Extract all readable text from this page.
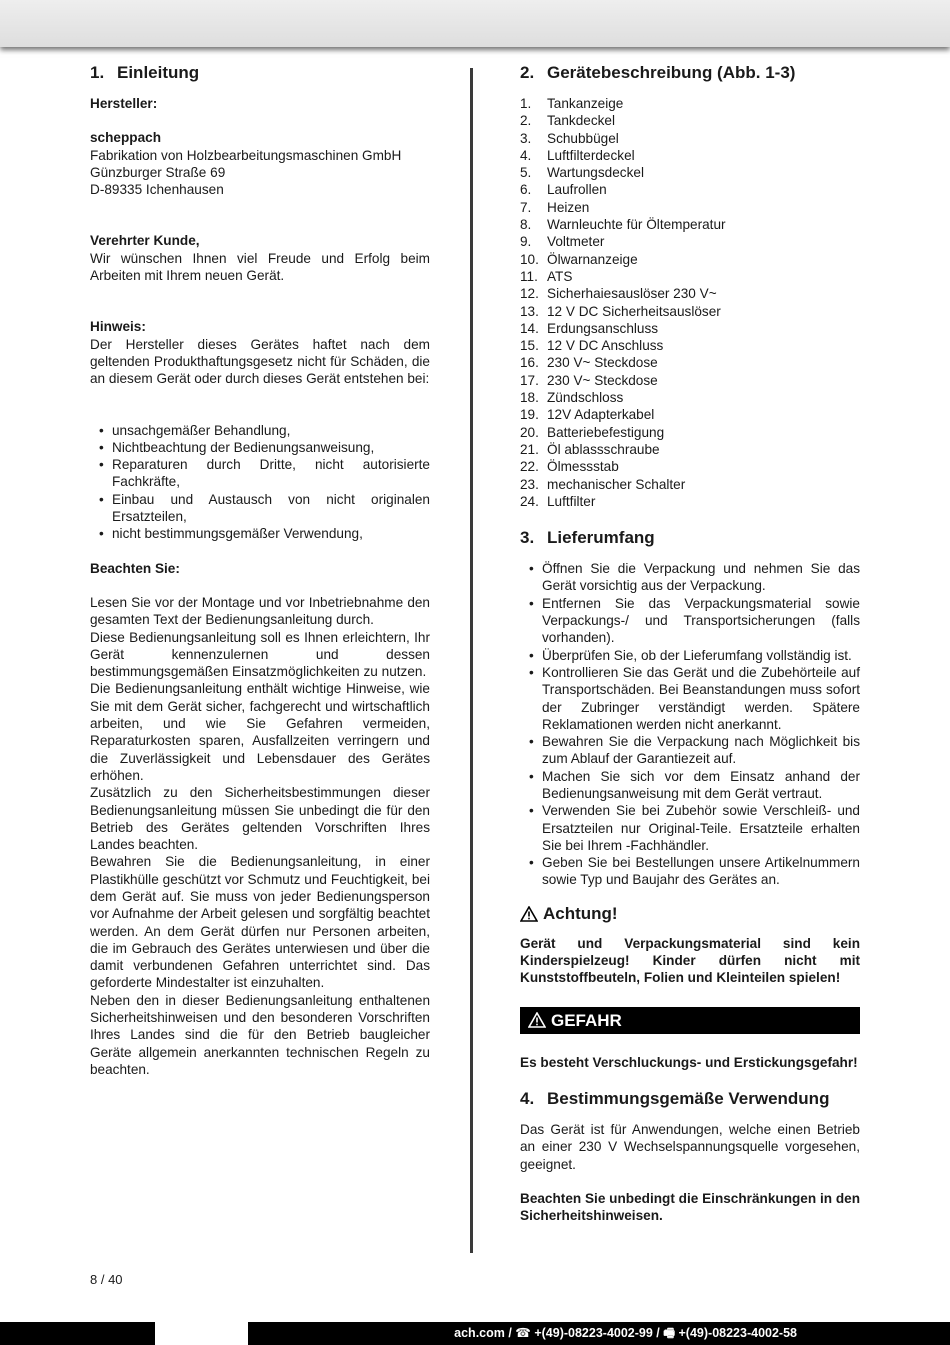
1. Einleitung

Hersteller:

scheppach

Fabrikation von Holzbearbeitungsmaschinen GmbH

Günzburger Straße 69

D-89335 Ichenhausen

Verehrter Kunde,

Wir wünschen Ihnen viel Freude und Erfolg beim Arbeiten mit Ihrem neuen Gerät.

Hinweis:

Der Hersteller dieses Gerätes haftet nach dem geltenden Produkthaftungsgesetz nicht für Schäden, die an diesem Gerät oder durch dieses Gerät entstehen bei:

• unsachgemäßer Behandlung,
• Nichtbeachtung der Bedienungsanweisung,
• Reparaturen durch Dritte, nicht autorisierte Fachkräfte,
• Einbau und Austausch von nicht originalen Ersatzteilen,
• nicht bestimmungsgemäßer Verwendung,

Beachten Sie:

Lesen Sie vor der Montage und vor Inbetriebnahme den gesamten Text der Bedienungsanleitung durch.

Diese Bedienungsanleitung soll es Ihnen erleichtern, Ihr Gerät kennenzulernen und dessen bestimmungsgemäßen Einsatzmöglichkeiten zu nutzen.

Die Bedienungsanleitung enthält wichtige Hinweise, wie Sie mit dem Gerät sicher, fachgerecht und wirtschaftlich arbeiten, und wie Sie Gefahren vermeiden, Reparaturkosten sparen, Ausfallzeiten verringern und die Zuverlässigkeit und Lebensdauer des Gerätes erhöhen.

Zusätzlich zu den Sicherheitsbestimmungen dieser Bedienungsanleitung müssen Sie unbedingt die für den Betrieb des Gerätes geltenden Vorschriften Ihres Landes beachten.

Bewahren Sie die Bedienungsanleitung, in einer Plastikhülle geschützt vor Schmutz und Feuchtigkeit, bei dem Gerät auf. Sie muss von jeder Bedienungsperson vor Aufnahme der Arbeit gelesen und sorgfältig beachtet werden. An dem Gerät dürfen nur Personen arbeiten, die im Gebrauch des Gerätes unterwiesen und über die damit verbundenen Gefahren unterrichtet sind. Das geforderte Mindestalter ist einzuhalten.

Neben den in dieser Bedienungsanleitung enthaltenen Sicherheitshinweisen und den besonderen Vorschriften Ihres Landes sind die für den Betrieb baugleicher Geräte allgemein anerkannten technischen Regeln zu beachten.

2. Gerätebeschreibung (Abb. 1-3)
1.	Tankanzeige
2.	Tankdeckel
3.	Schubbügel
4.	Luftfilterdeckel
5.	Wartungsdeckel
6.	Laufrollen
7.	Heizen
8.	Warnleuchte für Öltemperatur
9.	Voltmeter
10. Ölwarnanzeige
11. ATS
12. Sicherhaiesauslöser 230 V~
13. 12 V DC Sicherheitsauslöser
14. Erdungsanschluss
15. 12 V DC Anschluss
16. 230 V~ Steckdose
17. 230 V~ Steckdose
18. Zündschloss
19. 12V Adapterkabel
20. Batteriebefestigung
21. Öl ablassschraube
22. Ölmessstab
23. mechanischer Schalter
24. Luftfilter
3. Lieferumfang
• Öffnen Sie die Verpackung und nehmen Sie das Gerät vorsichtig aus der Verpackung.
• Entfernen Sie das Verpackungsmaterial sowie Verpackungs-/ und Transportsicherungen (falls vorhanden).
• Überprüfen Sie, ob der Lieferumfang vollständig ist.
• Kontrollieren Sie das Gerät und die Zubehörteile auf Transportschäden. Bei Beanstandungen muss sofort der Zubringer verständigt werden. Spätere Reklamationen werden nicht anerkannt.
• Bewahren Sie die Verpackung nach Möglichkeit bis zum Ablauf der Garantiezeit auf.
• Machen Sie sich vor dem Einsatz anhand der Bedienungsanweisung mit dem Gerät vertraut.
• Verwenden Sie bei Zubehör sowie Verschleiß- und Ersatzteilen nur Original-Teile. Ersatzteile erhalten Sie bei Ihrem -Fachhändler.
• Geben Sie bei Bestellungen unsere Artikelnummern sowie Typ und Baujahr des Gerätes an.
Achtung!

Gerät und Verpackungsmaterial sind kein Kinderspielzeug! Kinder dürfen nicht mit Kunststoffbeuteln, Folien und Kleinteilen spielen!

GEFAHR

Es besteht Verschluckungs- und Erstickungsgefahr!

4. Bestimmungsgemäße Verwendung

Das Gerät ist für Anwendungen, welche einen Betrieb an einer 230 V Wechselspannungsquelle vorgesehen, geeignet.

Beachten Sie unbedingt die Einschränkungen in den Sicherheitshinweisen.

8 / 40
ach.com / ☎ +(49)-08223-4002-99 / 🖷 +(49)-08223-4002-58
